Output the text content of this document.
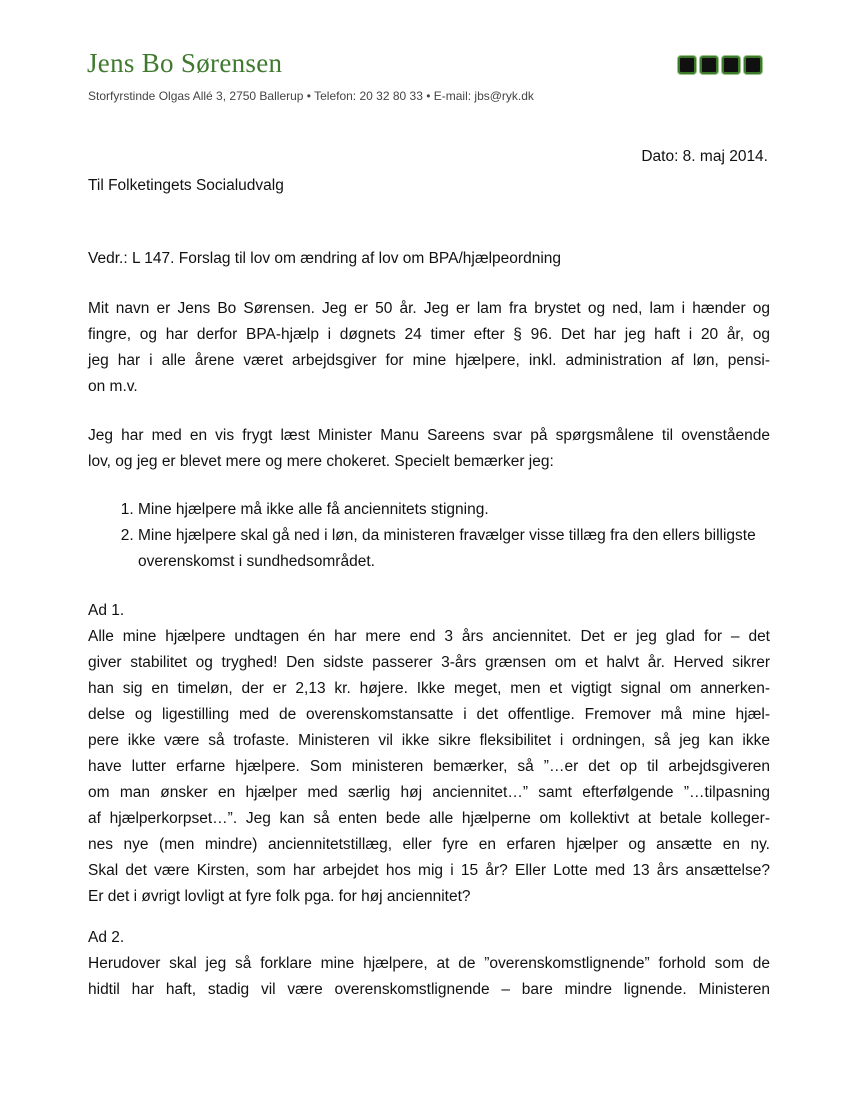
Jens Bo Sørensen
Storfyrstinde Olgas Allé 3, 2750 Ballerup • Telefon: 20 32 80 33 • E-mail: jbs@ryk.dk
Dato: 8. maj 2014.

Til Folketingets Socialudvalg

Vedr.: L 147. Forslag til lov om ændring af lov om BPA/hjælpeordning

Mit navn er Jens Bo Sørensen. Jeg er 50 år. Jeg er lam fra brystet og ned, lam i hænder og
fingre, og har derfor BPA-hjælp i døgnets 24 timer efter § 96. Det har jeg haft i 20 år, og
jeg har i alle årene været arbejdsgiver for mine hjælpere, inkl. administration af løn, pensi-
on m.v.
Jeg har med en vis frygt læst Minister Manu Sareens svar på spørgsmålene til ovenstående
lov, og jeg er blevet mere og mere chokeret. Specielt bemærker jeg:
1. Mine hjælpere må ikke alle få anciennitets stigning.
2. Mine hjælpere skal gå ned i løn, da ministeren fravælger visse tillæg fra den ellers billigste overenskomst i sundhedsområdet.
Ad 1.
Alle mine hjælpere undtagen én har mere end 3 års anciennitet. Det er jeg glad for – det
giver stabilitet og tryghed! Den sidste passerer 3-års grænsen om et halvt år. Herved sikrer
han sig en timeløn, der er 2,13 kr. højere. Ikke meget, men et vigtigt signal om annerken-
delse og ligestilling med de overenskomstansatte i det offentlige. Fremover må mine hjæl-
pere ikke være så trofaste. Ministeren vil ikke sikre fleksibilitet i ordningen, så jeg kan ikke
have lutter erfarne hjælpere. Som ministeren bemærker, så ”…er det op til arbejdsgiveren
om man ønsker en hjælper med særlig høj anciennitet…” samt efterfølgende ”…tilpasning
af hjælperkorpset…”. Jeg kan så enten bede alle hjælperne om kollektivt at betale kolleger-
nes nye (men mindre) anciennitetstillæg, eller fyre en erfaren hjælper og ansætte en ny.
Skal det være Kirsten, som har arbejdet hos mig i 15 år? Eller Lotte med 13 års ansættelse?
Er det i øvrigt lovligt at fyre folk pga. for høj anciennitet?
Ad 2.
Herudover skal jeg så forklare mine hjælpere, at de ”overenskomstlignende” forhold som de
hidtil har haft, stadig vil være overenskomstlignende – bare mindre lignende. Ministeren
